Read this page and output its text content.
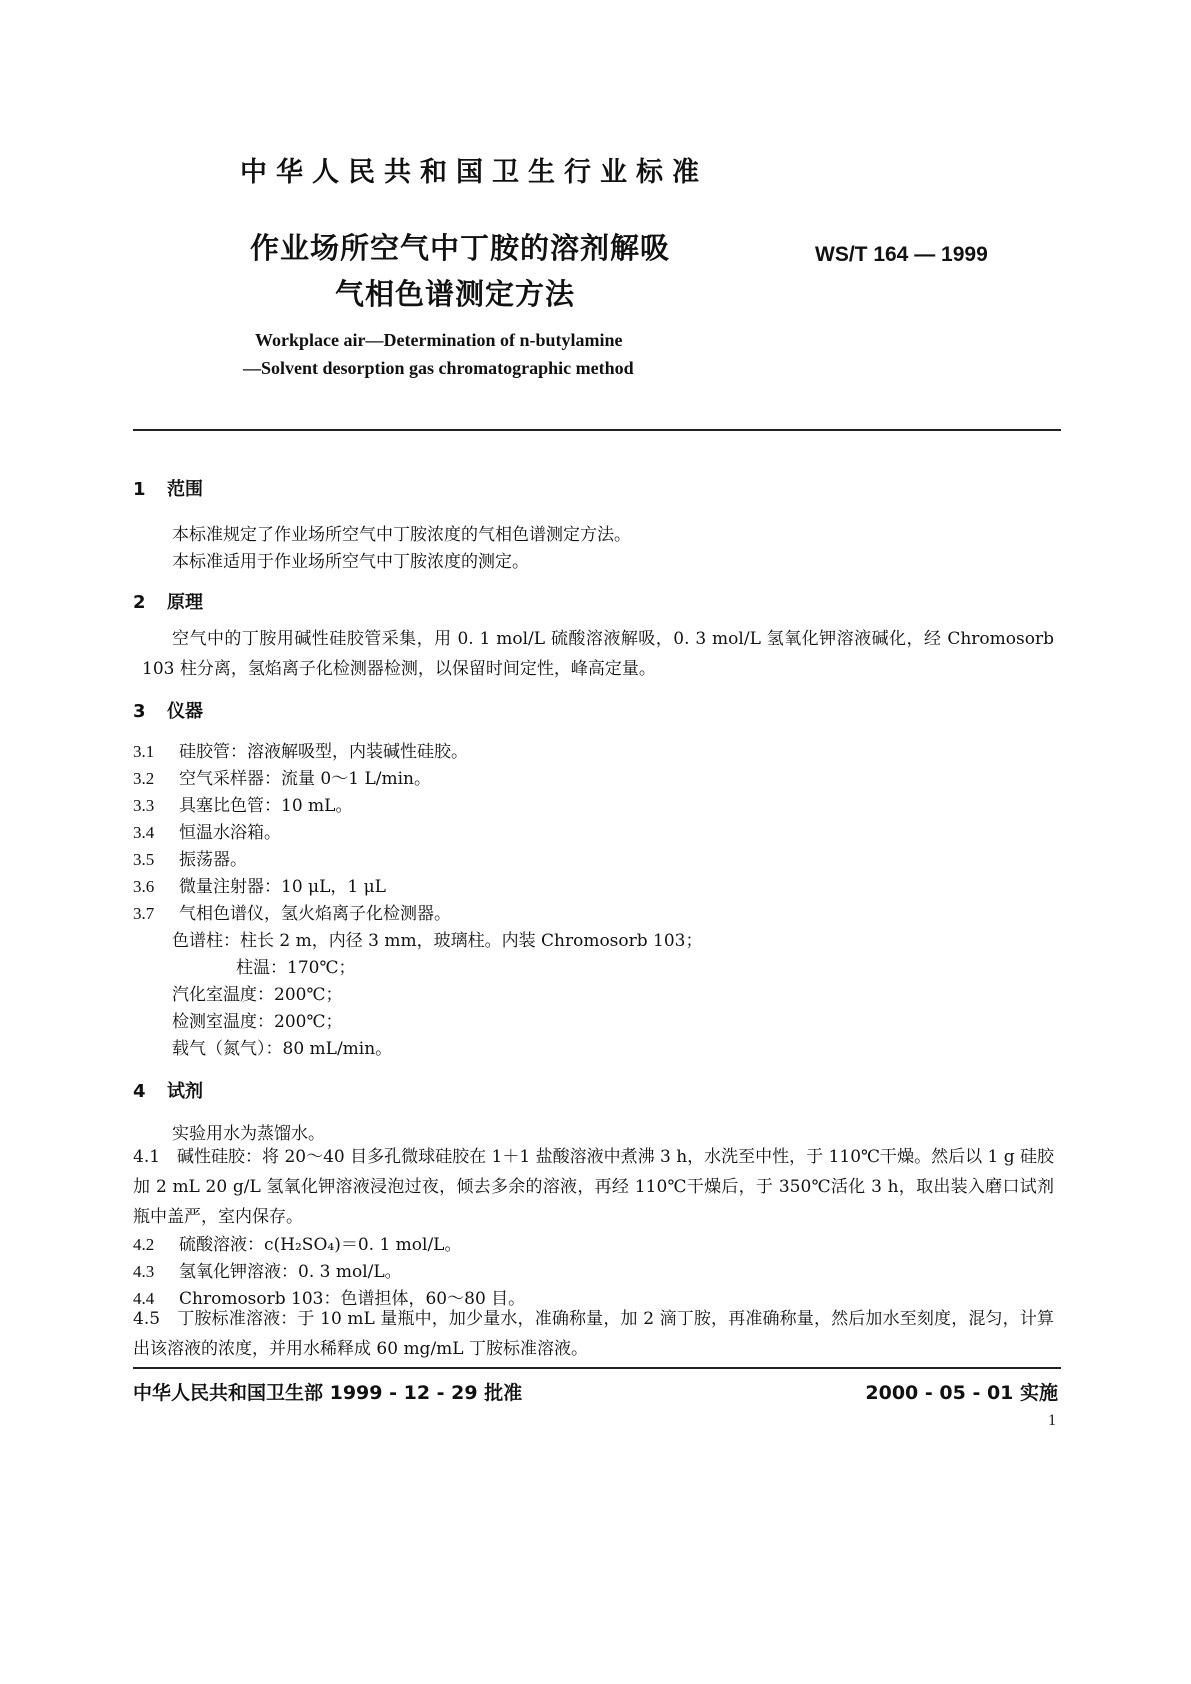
中华人民共和国卫生行业标准
作业场所空气中丁胺的溶剂解吸
气相色谱测定方法
WS/T 164 — 1999
Workplace air—Determination of n-butylamine
—Solvent desorption gas chromatographic method
1 范围
本标准规定了作业场所空气中丁胺浓度的气相色谱测定方法。
本标准适用于作业场所空气中丁胺浓度的测定。
2 原理
空气中的丁胺用碱性硅胶管采集，用 0. 1 mol/L 硫酸溶液解吸，0. 3 mol/L 氢氧化钾溶液碱化，经 Chromosorb 103 柱分离，氢焰离子化检测器检测，以保留时间定性，峰高定量。
3 仪器
3.1 硅胶管：溶液解吸型，内装碱性硅胶。
3.2 空气采样器：流量 0～1 L/min。
3.3 具塞比色管：10 mL。
3.4 恒温水浴箱。
3.5 振荡器。
3.6 微量注射器：10 μL，1 μL
3.7 气相色谱仪，氢火焰离子化检测器。
色谱柱：柱长 2 m，内径 3 mm，玻璃柱。内装 Chromosorb 103；
柱温：170℃；
汽化室温度：200℃；
检测室温度：200℃；
载气（氮气）：80 mL/min。
4 试剂
实验用水为蒸馏水。
4.1　碱性硅胶：将 20～40 目多孔微球硅胶在 1＋1 盐酸溶液中煮沸 3 h，水洗至中性，于 110℃干燥。然后以 1 g 硅胶加 2 mL 20 g/L 氢氧化钾溶液浸泡过夜，倾去多余的溶液，再经 110℃干燥后，于 350℃活化 3 h，取出装入磨口试剂瓶中盖严，室内保存。
4.2 硫酸溶液：c(H₂SO₄)＝0. 1 mol/L。
4.3 氢氧化钾溶液：0. 3 mol/L。
4.4 Chromosorb 103：色谱担体，60～80 目。
4.5　丁胺标准溶液：于 10 mL 量瓶中，加少量水，准确称量，加 2 滴丁胺，再准确称量，然后加水至刻度，混匀，计算出该溶液的浓度，并用水稀释成 60 mg/mL 丁胺标准溶液。
中华人民共和国卫生部 1999 - 12 - 29 批准	2000 - 05 - 01 实施
1
